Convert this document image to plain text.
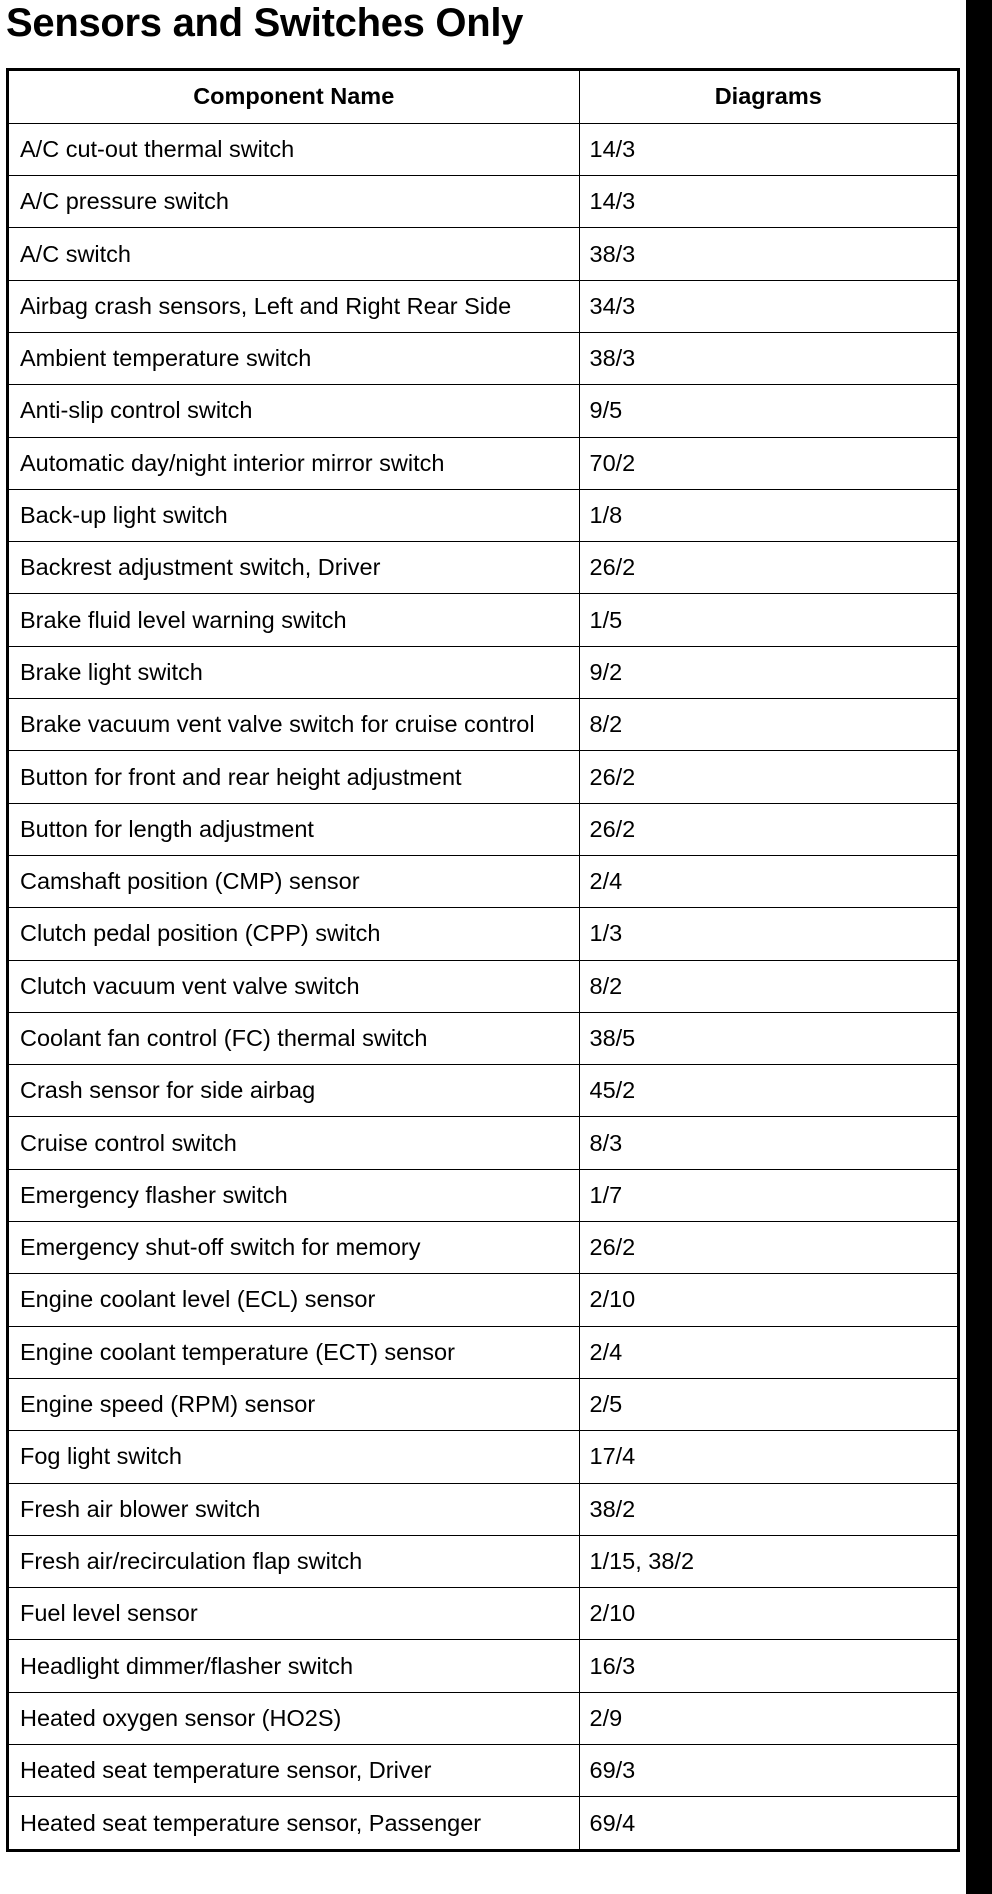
Sensors and Switches Only
Component Name	Diagrams
A/C cut-out thermal switch	14/3
A/C pressure switch	14/3
A/C switch	38/3
Airbag crash sensors, Left and Right Rear Side	34/3
Ambient temperature switch	38/3
Anti-slip control switch	9/5
Automatic day/night interior mirror switch	70/2
Back-up light switch	1/8
Backrest adjustment switch, Driver	26/2
Brake fluid level warning switch	1/5
Brake light switch	9/2
Brake vacuum vent valve switch for cruise control	8/2
Button for front and rear height adjustment	26/2
Button for length adjustment	26/2
Camshaft position (CMP) sensor	2/4
Clutch pedal position (CPP) switch	1/3
Clutch vacuum vent valve switch	8/2
Coolant fan control (FC) thermal switch	38/5
Crash sensor for side airbag	45/2
Cruise control switch	8/3
Emergency flasher switch	1/7
Emergency shut-off switch for memory	26/2
Engine coolant level (ECL) sensor	2/10
Engine coolant temperature (ECT) sensor	2/4
Engine speed (RPM) sensor	2/5
Fog light switch	17/4
Fresh air blower switch	38/2
Fresh air/recirculation flap switch	1/15, 38/2
Fuel level sensor	2/10
Headlight dimmer/flasher switch	16/3
Heated oxygen sensor (HO2S)	2/9
Heated seat temperature sensor, Driver	69/3
Heated seat temperature sensor, Passenger	69/4
